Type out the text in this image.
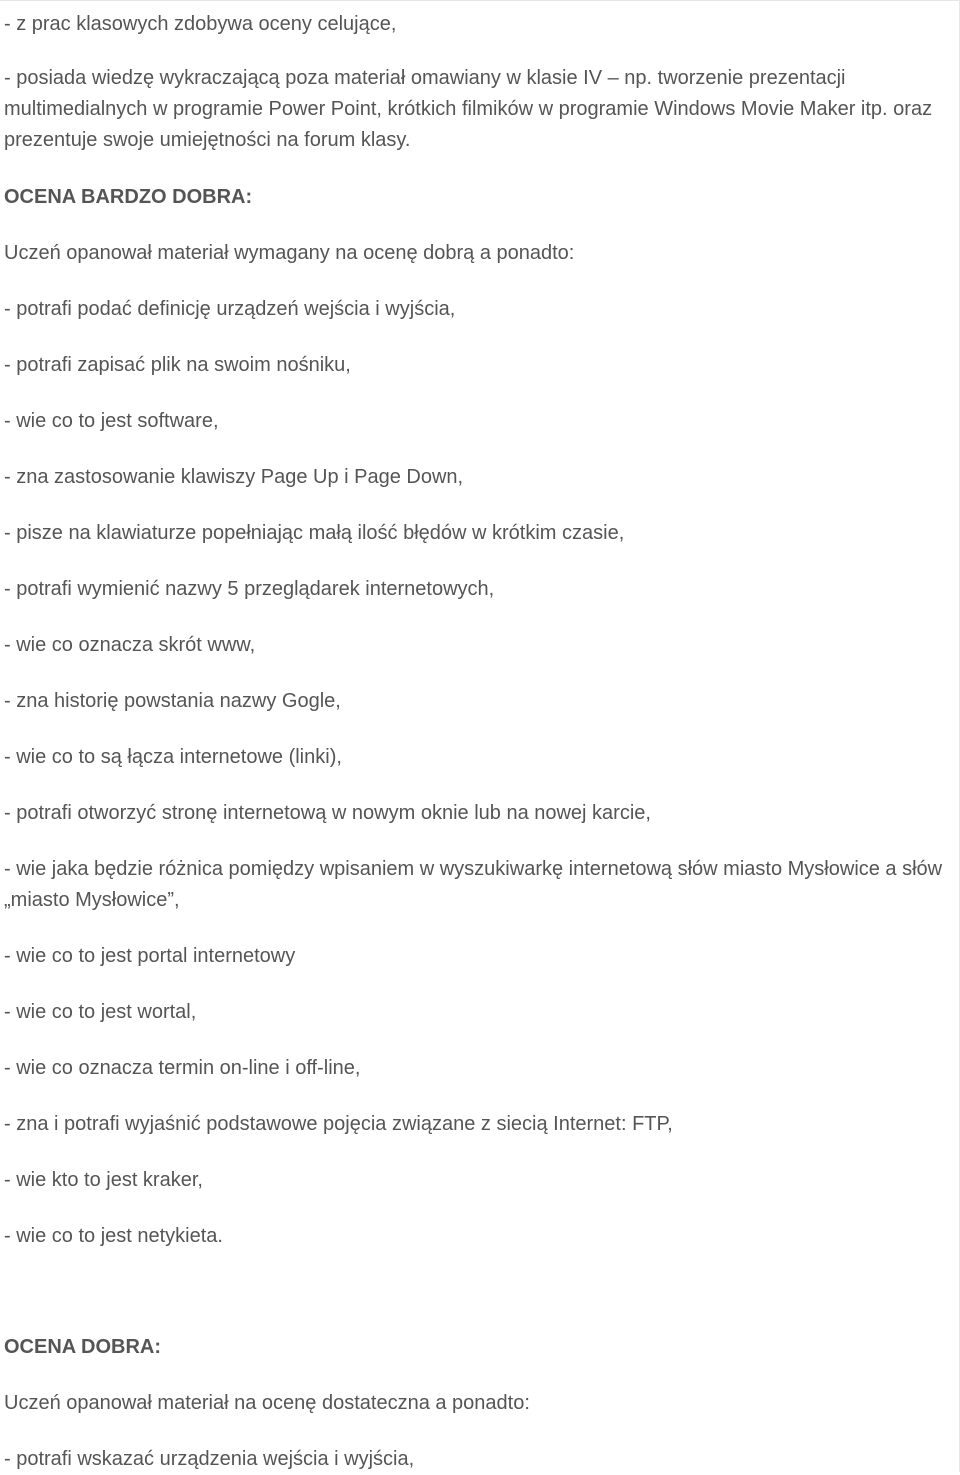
- z prac klasowych zdobywa oceny celujące,

- posiada wiedzę wykraczającą poza materiał omawiany w klasie IV – np. tworzenie prezentacji multimedialnych w programie Power Point, krótkich filmików w programie Windows Movie Maker itp. oraz prezentuje swoje umiejętności na forum klasy.

OCENA BARDZO DOBRA:

Uczeń opanował materiał wymagany na ocenę dobrą a ponadto:

- potrafi podać definicję urządzeń wejścia i wyjścia,

- potrafi zapisać plik na swoim nośniku,

- wie co to jest software,

- zna zastosowanie klawiszy Page Up i Page Down,

- pisze na klawiaturze popełniając małą ilość błędów w krótkim czasie,

- potrafi wymienić nazwy 5 przeglądarek internetowych,

- wie co oznacza skrót www,

- zna historię powstania nazwy Gogle,

- wie co to są łącza internetowe (linki),

- potrafi otworzyć stronę internetową w nowym oknie lub na nowej karcie,

- wie jaka będzie różnica pomiędzy wpisaniem w wyszukiwarkę internetową słów miasto Mysłowice a słów „miasto Mysłowice”,

- wie co to jest portal internetowy

- wie co to jest wortal,

- wie co oznacza termin on-line i off-line,

- zna i potrafi wyjaśnić podstawowe pojęcia związane z siecią Internet: FTP,

- wie kto to jest kraker,

- wie co to jest netykieta.

OCENA DOBRA:

Uczeń opanował materiał na ocenę dostateczna a ponadto:

- potrafi wskazać urządzenia wejścia i wyjścia,
